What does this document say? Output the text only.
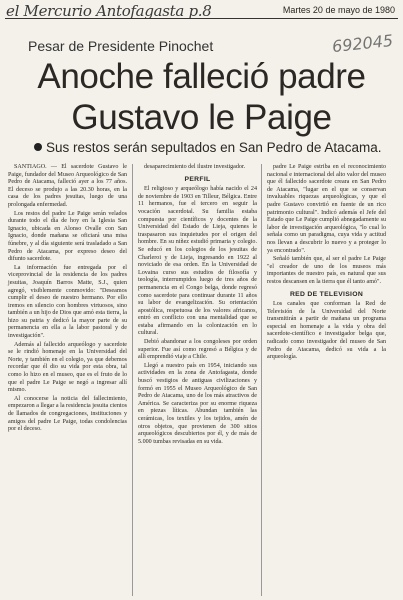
el Mercurio Antofagasta p.8	Martes 20 de mayo de 1980
692045
Pesar de Presidente Pinochet
Anoche falleció padre
Gustavo le Paige
Sus restos serán sepultados en San Pedro de Atacama.

SANTIAGO. — El sacerdote Gustavo le Paige, fundador del Museo Arqueológico de San Pedro de Atacama, falleció ayer a los 77 años. El deceso se produjo a las 20.30 horas, en la casa de los padres jesuitas, luego de una prolongada enfermedad.

Los restos del padre Le Paige serán velados durante todo el día de hoy en la Iglesia San Ignacio, ubicada en Alonso Ovalle con San Ignacio, donde mañana se oficiará una misa fúnebre, y al día siguiente será trasladado a San Pedro de Atacama, por expreso deseo del difunto sacerdote.

La información fue entregada por el viceprovincial de la residencia de los padres jesuitas, Joaquín Barros Matte, S.J., quien agregó, visiblemente conmovido: "Deseamos cumplir el deseo de nuestro hermano. Por ello iremos en silencio con hombres virtuosos, sino también a un hijo de Dios que amó esta tierra, la hizo su patria y dedicó la mayor parte de su permanencia en ella a la labor pastoral y de investigación".

Además al fallecido arqueólogo y sacerdote se le rindió homenaje en la Universidad del Norte, y también en el colegio, ya que debemos recordar que él dio su vida por esta obra, tal como lo hizo en el museo, que es el fruto de lo que el padre Le Paige se negó a ingresar allí mismo.

Al conocerse la noticia del fallecimiento, empezaron a llegar a la residencia jesuita cientos de llamados de congregaciones, instituciones y amigos del padre Le Paige, todas condolencias por el deceso.

desaparecimiento del ilustre investigador.

PERFIL

El religioso y arqueólogo había nacido el 24 de noviembre de 1903 en Tilleur, Bélgica. Entre 11 hermanos, fue el tercero en seguir la vocación sacerdotal. Su familia estaba compuesta por científicos y docentes de la Universidad del Estado de Lieja, quienes le traspasaron sus inquietudes por el origen del hombre. En su niñez estudió primaria y colegio. Se educó en los colegios de los jesuitas de Charleroi y de Lieja, ingresando en 1922 al noviciado de esa orden. En la Universidad de Lovaina curso sus estudios de filosofía y teología, interrumpidos luego de tres años de permanencia en el Congo belga, donde regresó como sacerdote para continuar durante 11 años su labor de evangelización. Su orientación apostólica, respetuosa de los valores africanos, entró en conflicto con una mentalidad que se estaba afirmando en la colonización en lo cultural.

Debió abandonar a los congoleses por orden superior. Fue así como regresó a Bélgica y de allí emprendió viaje a Chile.

Llegó a nuestro país en 1954, iniciando sus actividades en la zona de Antofagasta, donde buscó vestigios de antiguas civilizaciones y formó en 1955 el Museo Arqueológico de San Pedro de Atacama, uno de los más atractivos de América. Se caracteriza por su enorme riqueza en piezas líticas. Abundan también las cerámicas, los textiles y los tejidos, amén de otros objetos, que provienen de 300 sitios arqueológicos descubiertos por él, y de más de 5.000 tumbas revisadas en su vida.

padre Le Paige estriba en el reconocimiento nacional e internacional del alto valor del museo que él fallecido sacerdote creara en San Pedro de Atacama, "lugar en el que se conservan invaluables riquezas arqueológicas, y que el padre Gustavo convirtió en fuente de un rico patrimonio cultural". Indicó además el Jefe del Estado que Le Paige cumplió abnegadamente su labor de investigación arqueológica, "lo cual lo señala como un paradigma, cuya vida y actitud nos llevan a descubrir lo nuevo y a proteger lo ya encontrado".

Señaló también que, al ser el padre Le Paige "el creador de uno de los museos más importantes de nuestro país, es natural que sus restos descansen en la tierra que él tanto amó".

RED DE TELEVISION

Los canales que conforman la Red de Televisión de la Universidad del Norte transmitirán a partir de mañana un programa especial en homenaje a la vida y obra del sacerdote-científico e investigador belga que, radicado como investigador del museo de San Pedro de Atacama, dedicó su vida a la arqueología.
